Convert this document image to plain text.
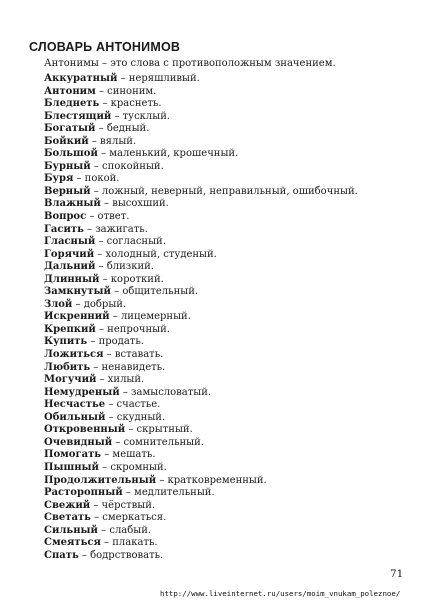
СЛОВАРЬ АНТОНИМОВ
Антонимы – это слова с противоположным значением.
Аккуратный – неряшливый.
Антоним – синоним.
Бледнеть – краснеть.
Блестящий – тусклый.
Богатый – бедный.
Бойкий – вялый.
Большой – маленький, крошечный.
Бурный – спокойный.
Буря – покой.
Верный – ложный, неверный, неправильный, ошибочный.
Влажный – высохший.
Вопрос – ответ.
Гасить – зажигать.
Гласный – согласный.
Горячий – холодный, студеный.
Дальний – близкий.
Длинный – короткий.
Замкнутый – общительный.
Злой – добрый.
Искренний – лицемерный.
Крепкий – непрочный.
Купить – продать.
Ложиться – вставать.
Любить – ненавидеть.
Могучий – хилый.
Немудреный – замысловатый.
Несчастье – счастье.
Обильный – скудный.
Откровенный – скрытный.
Очевидный – сомнительный.
Помогать – мешать.
Пышный – скромный.
Продолжительный – кратковременный.
Расторопный – медлительный.
Свежий – чёрствый.
Светать – смеркаться.
Сильный – слабый.
Смеяться – плакать.
Спать – бодрствовать.
71
http://www.liveinternet.ru/users/moim_vnukam_poleznoe/
